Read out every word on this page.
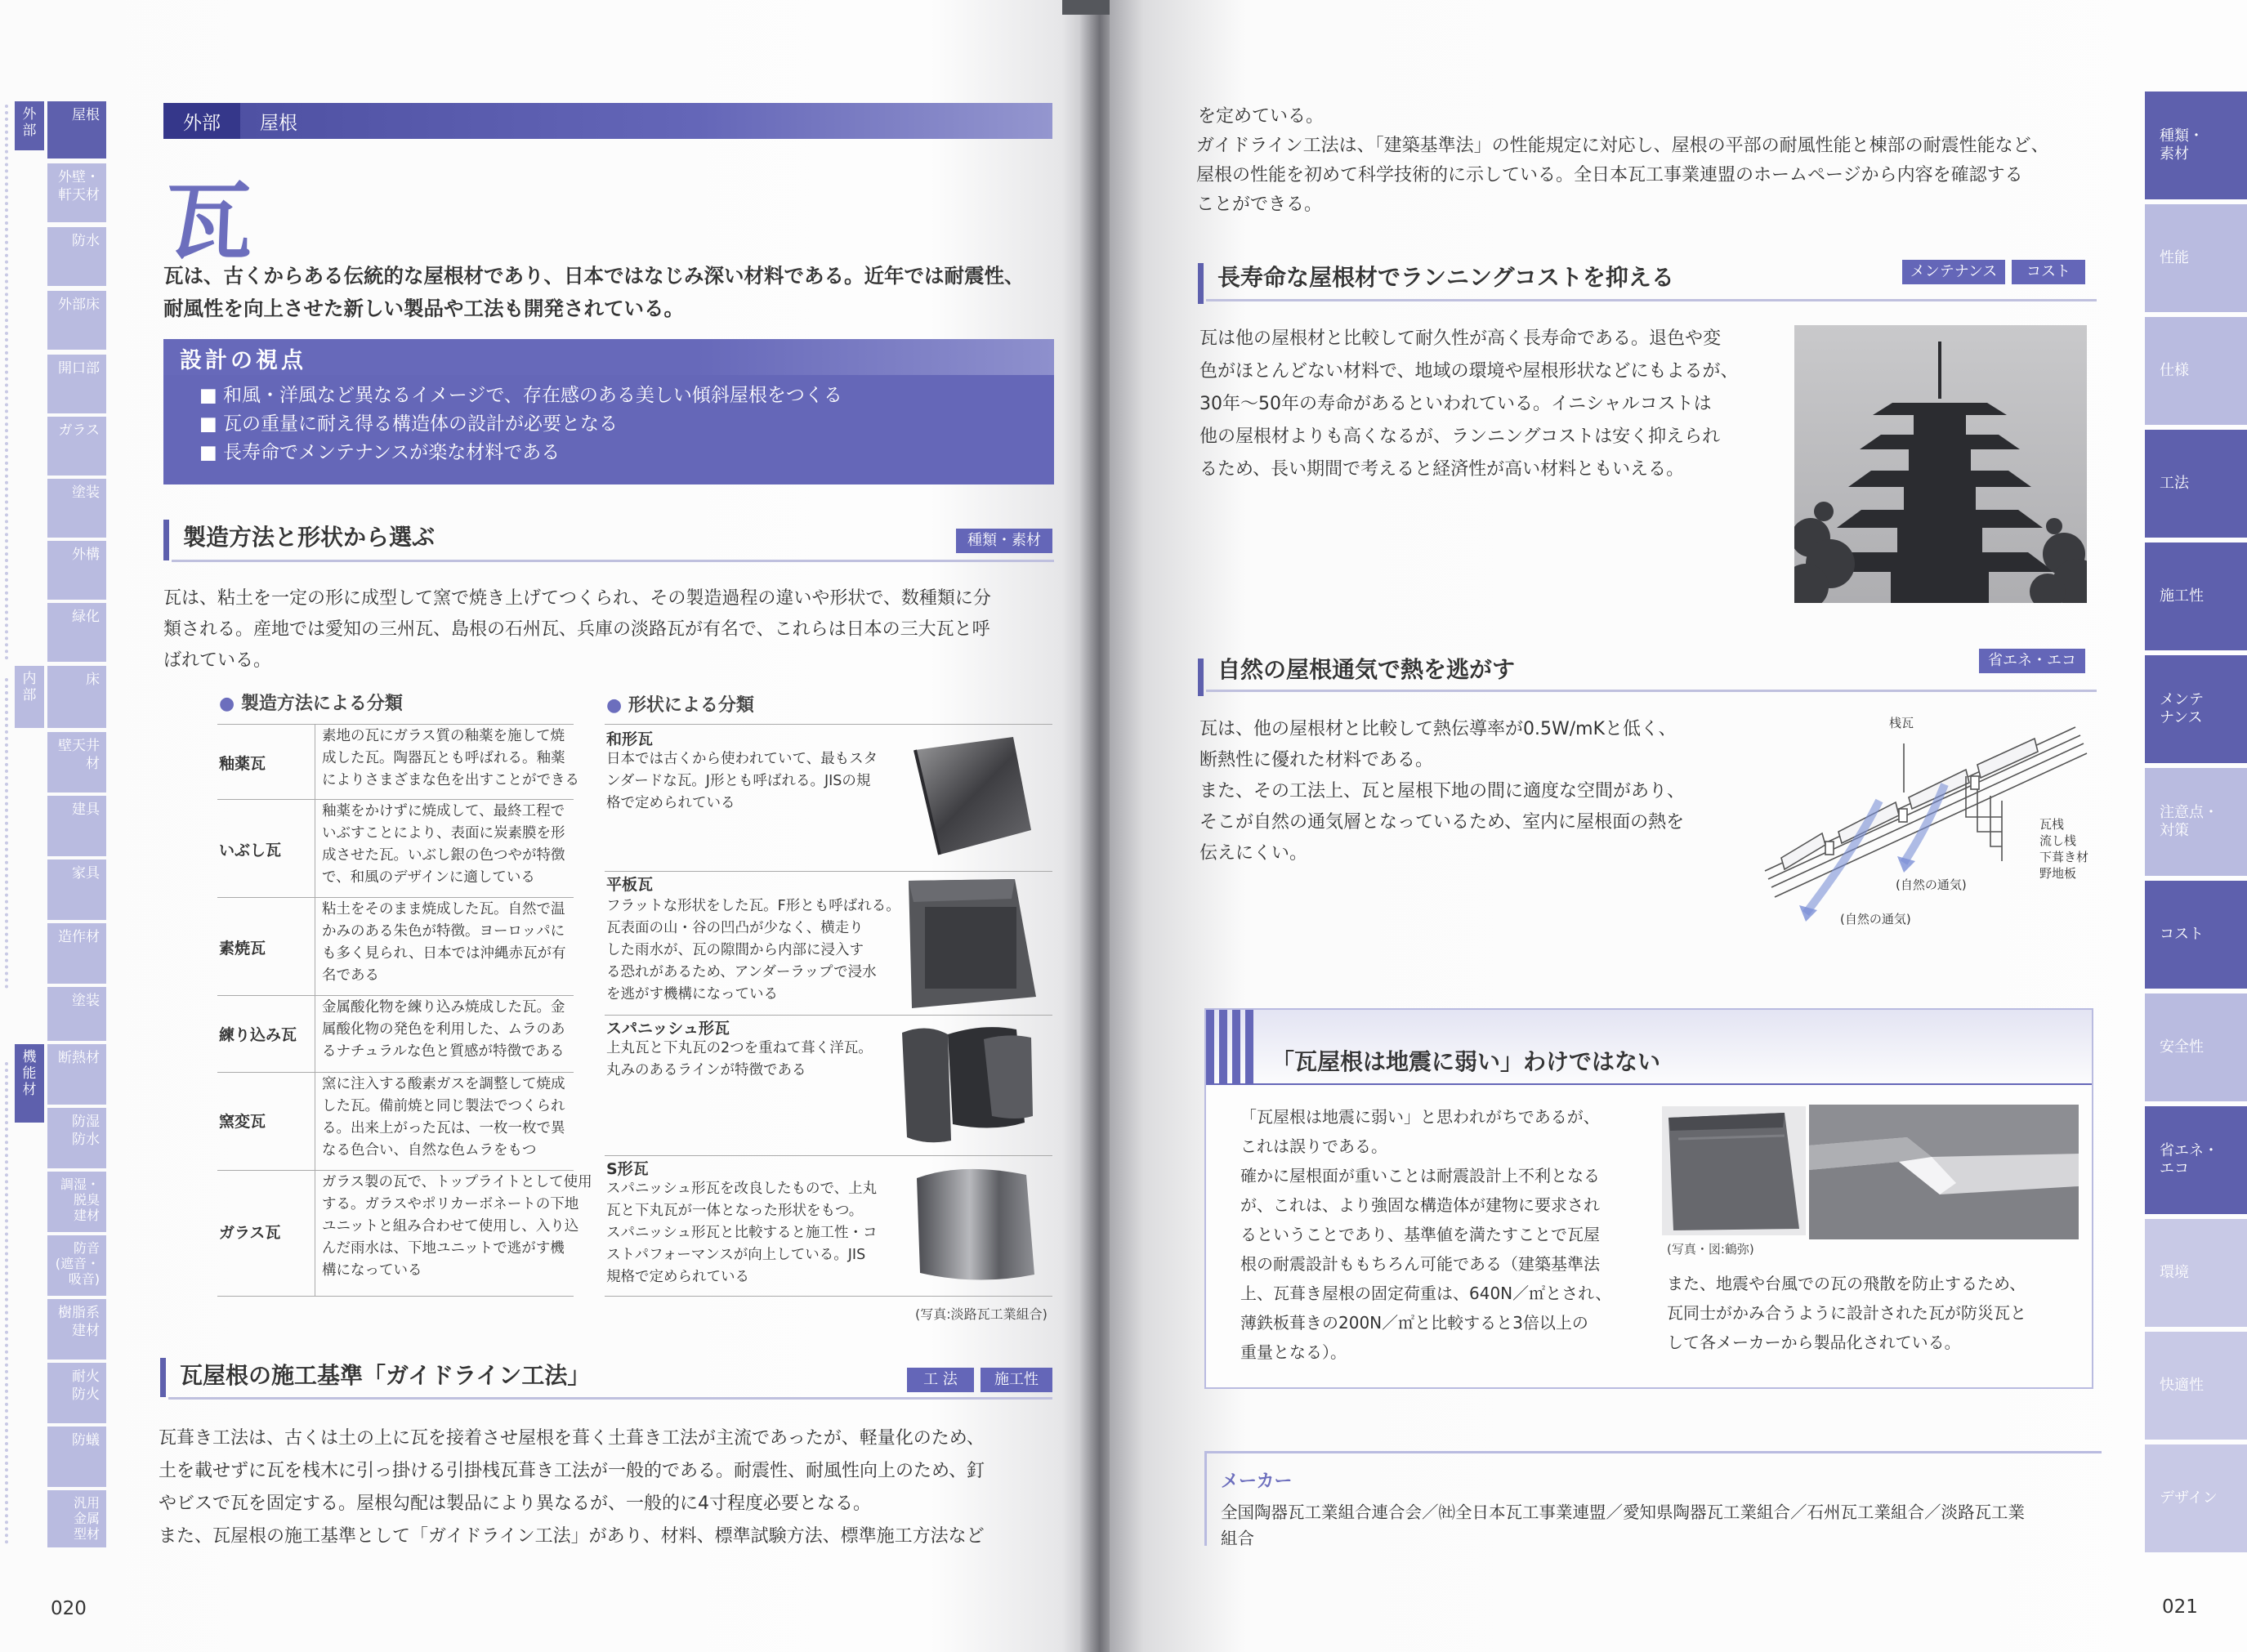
外
部
内
部
機
能
材
屋根
外壁・
軒天材
防水
外部床
開口部
ガラス
塗装
外構
緑化
床
壁天井
材
建具
家具
造作材
塗装
断熱材
防湿
防水
調湿・
脱臭
建材
防音
(遮音・
吸音)
樹脂系
建材
耐火
防火
防蟻
汎用
金属
型材
外部 屋根
瓦
瓦は、古くからある伝統的な屋根材であり、日本ではなじみ深い材料である。近年では耐震性、
耐風性を向上させた新しい製品や工法も開発されている。
設計の視点
■ 和風・洋風など異なるイメージで、存在感のある美しい傾斜屋根をつくる
■ 瓦の重量に耐え得る構造体の設計が必要となる
■ 長寿命でメンテナンスが楽な材料である
製造方法と形状から選ぶ	種類・素材
瓦は、粘土を一定の形に成型して窯で焼き上げてつくられ、その製造過程の違いや形状で、数種類に分
類される。産地では愛知の三州瓦、島根の石州瓦、兵庫の淡路瓦が有名で、これらは日本の三大瓦と呼
ばれている。
● 製造方法による分類
釉薬瓦
素地の瓦にガラス質の釉薬を施して焼
成した瓦。陶器瓦とも呼ばれる。釉薬
によりさまざまな色を出すことができる
いぶし瓦
釉薬をかけずに焼成して、最終工程で
いぶすことにより、表面に炭素膜を形
成させた瓦。いぶし銀の色つやが特徴
で、和風のデザインに適している
素焼瓦
粘土をそのまま焼成した瓦。自然で温
かみのある朱色が特徴。ヨーロッパに
も多く見られ、日本では沖縄赤瓦が有
名である
練り込み瓦
金属酸化物を練り込み焼成した瓦。金
属酸化物の発色を利用した、ムラのあ
るナチュラルな色と質感が特徴である
窯変瓦
窯に注入する酸素ガスを調整して焼成
した瓦。備前焼と同じ製法でつくられ
る。出来上がった瓦は、一枚一枚で異
なる色合い、自然な色ムラをもつ
ガラス瓦
ガラス製の瓦で、トップライトとして使用
する。ガラスやポリカーボネートの下地
ユニットと組み合わせて使用し、入り込
んだ雨水は、下地ユニットで逃がす機
構になっている
● 形状による分類
和形瓦
日本では古くから使われていて、最もスタ
ンダードな瓦。J形とも呼ばれる。JISの規
格で定められている
平板瓦
フラットな形状をした瓦。F形とも呼ばれる。
瓦表面の山・谷の凹凸が少なく、横走り
した雨水が、瓦の隙間から内部に浸入す
る恐れがあるため、アンダーラップで浸水
を逃がす機構になっている
スパニッシュ形瓦
上丸瓦と下丸瓦の2つを重ねて葺く洋瓦。
丸みのあるラインが特徴である
S形瓦
スパニッシュ形瓦を改良したもので、上丸
瓦と下丸瓦が一体となった形状をもつ。
スパニッシュ形瓦と比較すると施工性・コ
ストパフォーマンスが向上している。JIS
規格で定められている
(写真:淡路瓦工業組合)
瓦屋根の施工基準「ガイドライン工法」	工 法	施工性
瓦葺き工法は、古くは土の上に瓦を接着させ屋根を葺く土葺き工法が主流であったが、軽量化のため、
土を載せずに瓦を桟木に引っ掛ける引掛桟瓦葺き工法が一般的である。耐震性、耐風性向上のため、釘
やビスで瓦を固定する。屋根勾配は製品により異なるが、一般的に4寸程度必要となる。
また、瓦屋根の施工基準として「ガイドライン工法」があり、材料、標準試験方法、標準施工方法など
020
を定めている。
ガイドライン工法は、「建築基準法」の性能規定に対応し、屋根の平部の耐風性能と棟部の耐震性能など、
屋根の性能を初めて科学技術的に示している。全日本瓦工事業連盟のホームページから内容を確認する
ことができる。
長寿命な屋根材でランニングコストを抑える	メンテナンス	コスト
瓦は他の屋根材と比較して耐久性が高く長寿命である。退色や変
色がほとんどない材料で、地域の環境や屋根形状などにもよるが、
30年～50年の寿命があるといわれている。イニシャルコストは
他の屋根材よりも高くなるが、ランニングコストは安く抑えられ
るため、長い期間で考えると経済性が高い材料ともいえる。
自然の屋根通気で熱を逃がす	省エネ・エコ
瓦は、他の屋根材と比較して熱伝導率が0.5W/mKと低く、
断熱性に優れた材料である。
また、その工法上、瓦と屋根下地の間に適度な空間があり、
そこが自然の通気層となっているため、室内に屋根面の熱を
伝えにくい。
桟瓦
瓦桟
流し桟
下葺き材
野地板
(自然の通気)
(自然の通気)
「瓦屋根は地震に弱い」わけではない
「瓦屋根は地震に弱い」と思われがちであるが、
これは誤りである。
確かに屋根面が重いことは耐震設計上不利となる
が、これは、より強固な構造体が建物に要求され
るということであり、基準値を満たすことで瓦屋
根の耐震設計ももちろん可能である（建築基準法
上、瓦葺き屋根の固定荷重は、640N／㎡とされ、
薄鉄板葺きの200N／㎡と比較すると3倍以上の
重量となる）。
(写真・図:鶴弥)
また、地震や台風での瓦の飛散を防止するため、
瓦同士がかみ合うように設計された瓦が防災瓦と
して各メーカーから製品化されている。
メーカー
全国陶器瓦工業組合連合会／㈳全日本瓦工事業連盟／愛知県陶器瓦工業組合／石州瓦工業組合／淡路瓦工業
組合
021
種類・
素材
性能
仕様
工法
施工性
メンテ
ナンス
注意点・
対策
コスト
安全性
省エネ・
エコ
環境
快適性
デザイン
